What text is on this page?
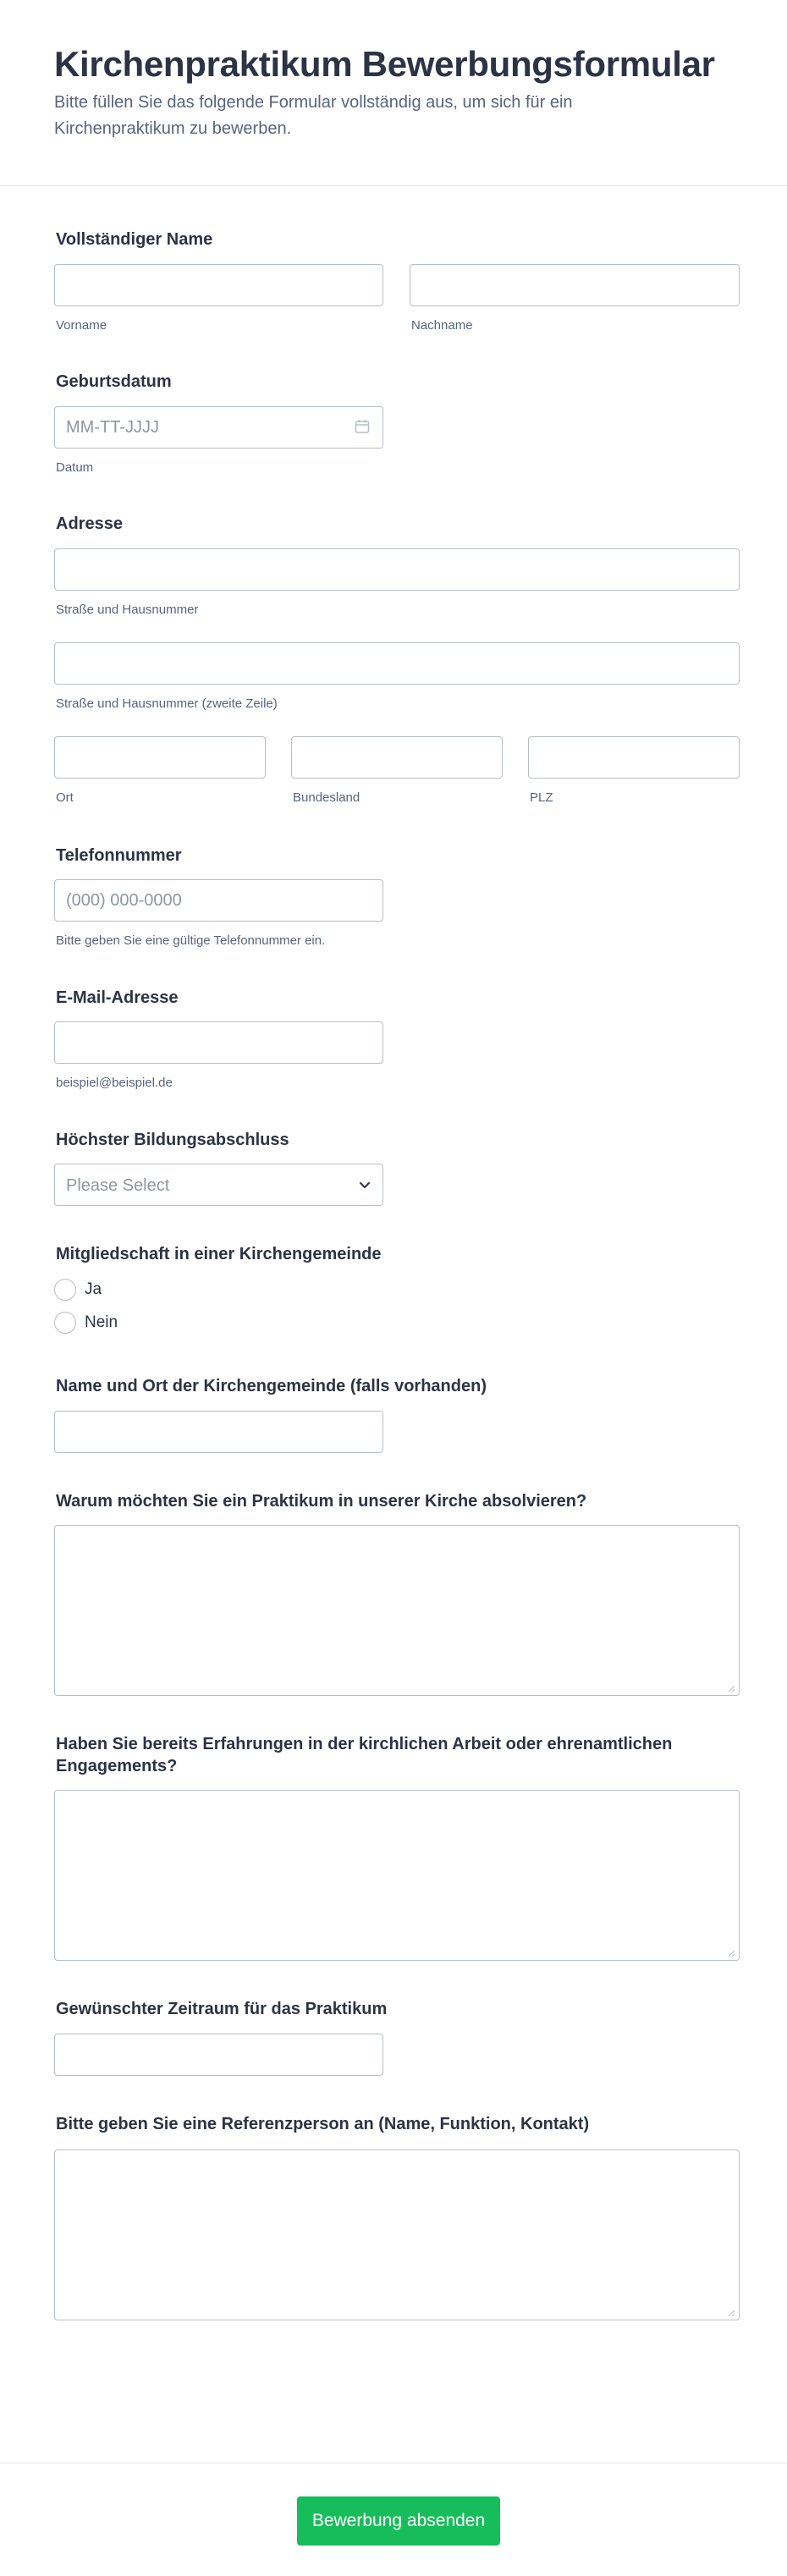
Kirchenpraktikum Bewerbungsformular

Bitte füllen Sie das folgende Formular vollständig aus, um sich für ein Kirchenpraktikum zu bewerben.

Vollständiger Name
Vorname	Nachname
Geburtsdatum
MM-TT-JJJJ
Datum
Adresse
Straße und Hausnummer
Straße und Hausnummer (zweite Zeile)
Ort	Bundesland	PLZ
Telefonnummer
(000) 000-0000
Bitte geben Sie eine gültige Telefonnummer ein.
E-Mail-Adresse
beispiel@beispiel.de
Höchster Bildungsabschluss
Please Select
Mitgliedschaft in einer Kirchengemeinde
Ja
Nein
Name und Ort der Kirchengemeinde (falls vorhanden)
Warum möchten Sie ein Praktikum in unserer Kirche absolvieren?
Haben Sie bereits Erfahrungen in der kirchlichen Arbeit oder ehrenamtlichen Engagements?
Gewünschter Zeitraum für das Praktikum
Bitte geben Sie eine Referenzperson an (Name, Funktion, Kontakt)
Bewerbung absenden
